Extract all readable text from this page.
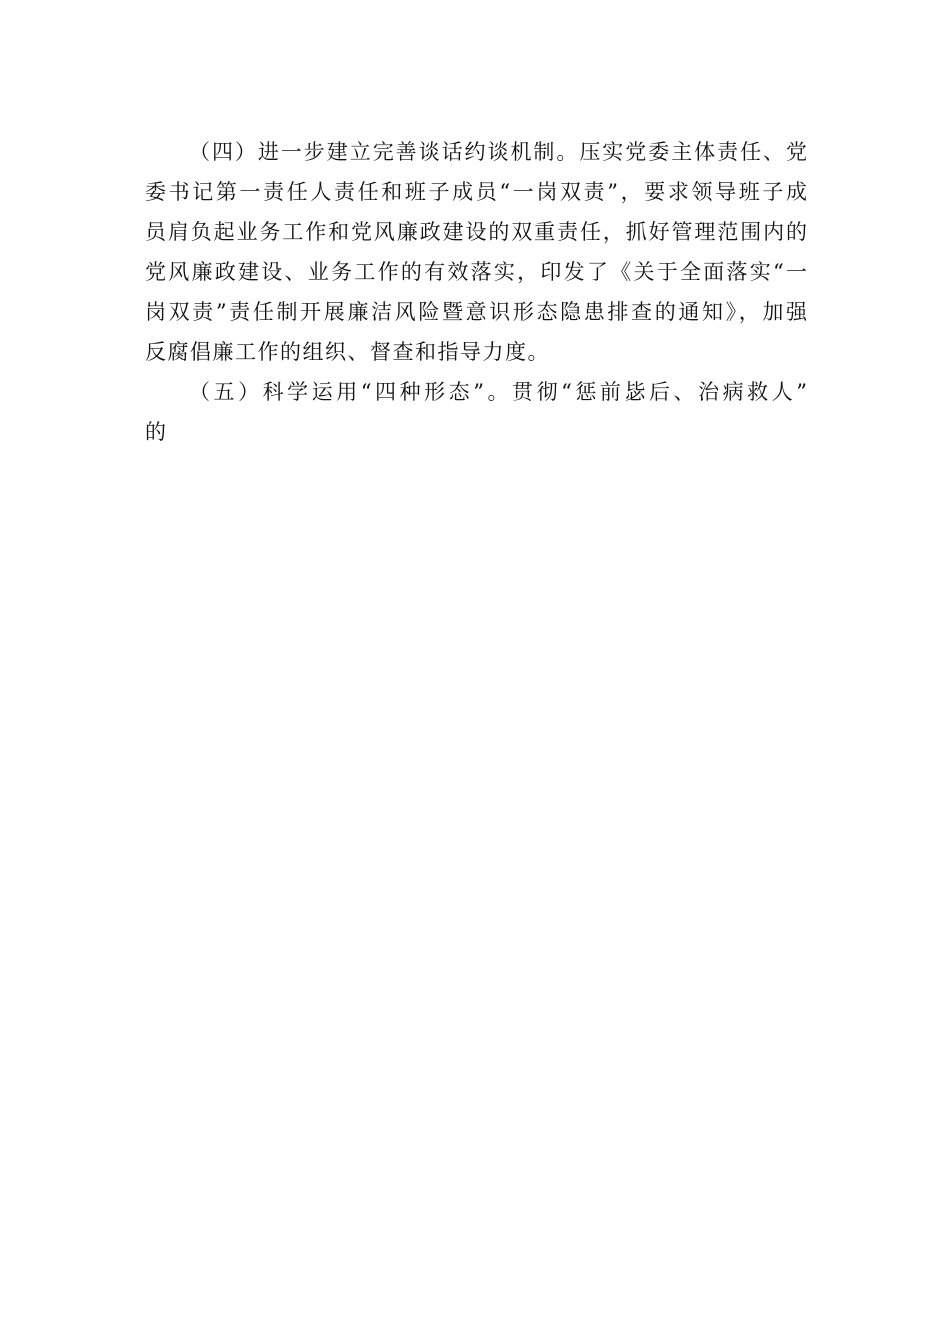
（四）进一步建立完善谈话约谈机制。压实党委主体责任、党
委书记第一责任人责任和班子成员“一岗双责”，要求领导班子成
员肩负起业务工作和党风廉政建设的双重责任，抓好管理范围内的
党风廉政建设、业务工作的有效落实，印发了《关于全面落实“一
岗双责”责任制开展廉洁风险暨意识形态隐患排查的通知》，加强
反腐倡廉工作的组织、督查和指导力度。
（五）科学运用“四种形态”。贯彻“惩前毖后、治病救人”
的
